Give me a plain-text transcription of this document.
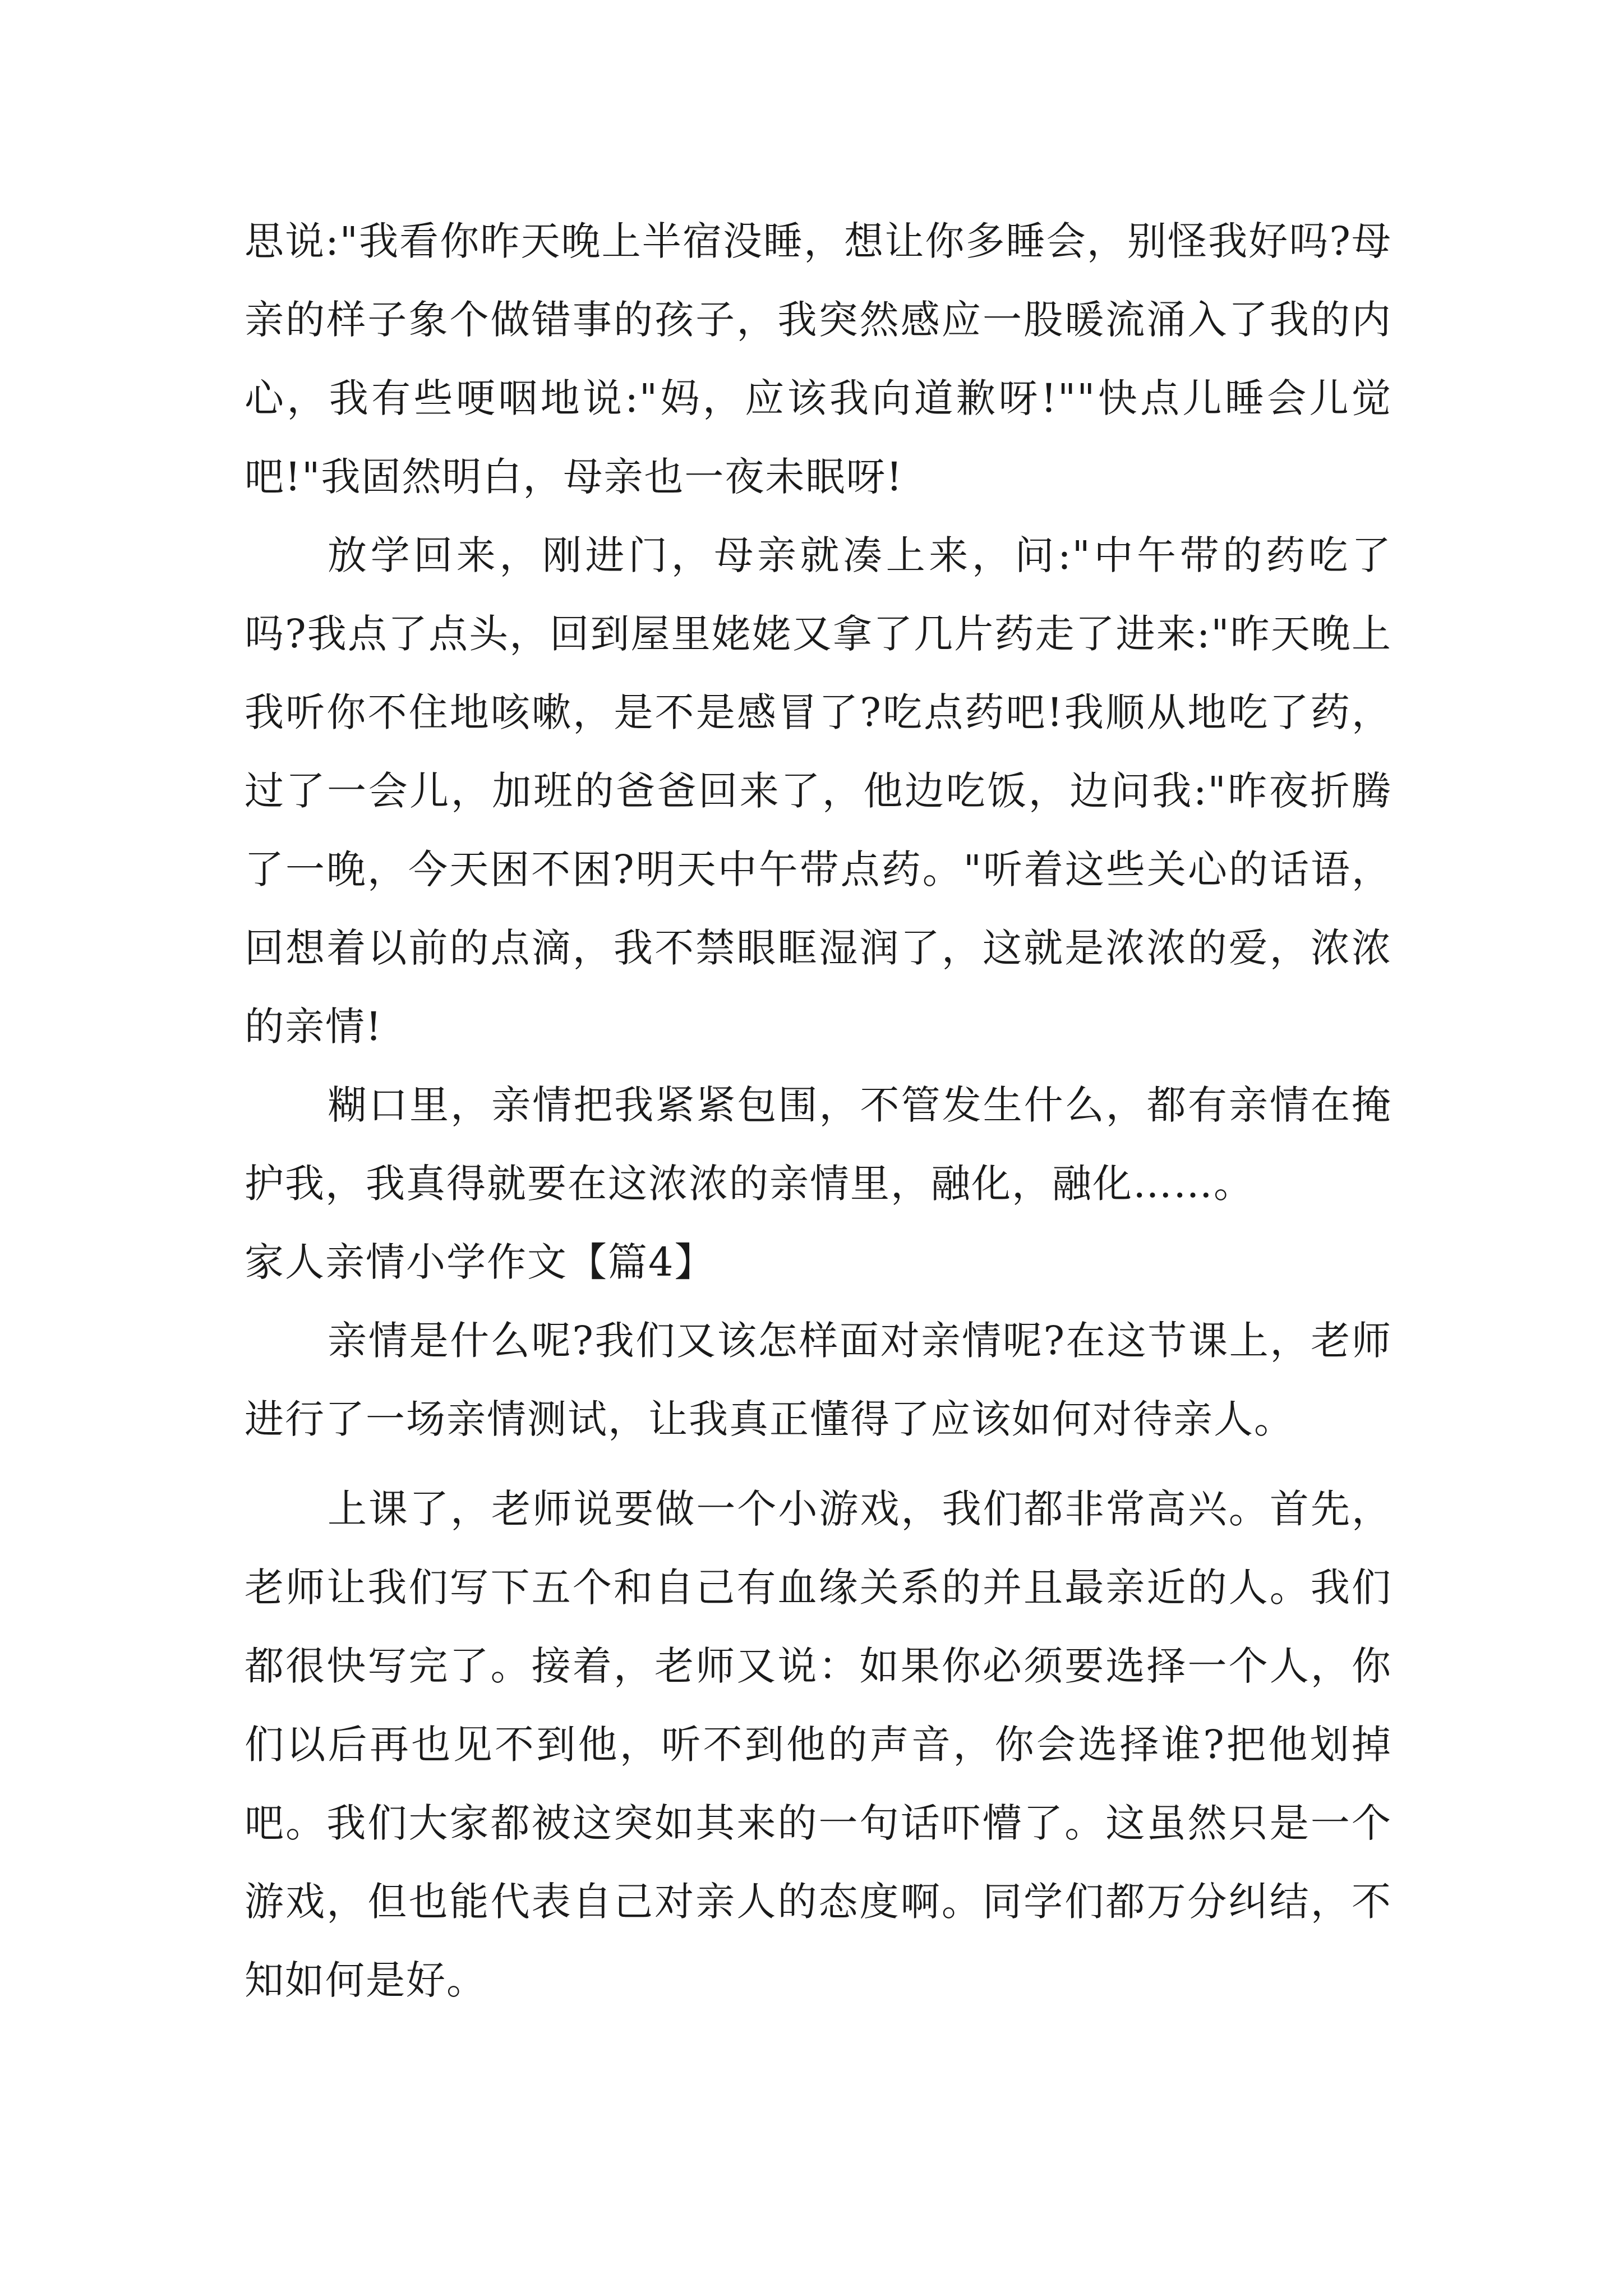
思说:"我看你昨天晚上半宿没睡，想让你多睡会，别怪我好吗?母亲的样子象个做错事的孩子，我突然感应一股暖流涌入了我的内心，我有些哽咽地说:"妈，应该我向道歉呀!""快点儿睡会儿觉吧!"我固然明白，母亲也一夜未眠呀!

放学回来，刚进门，母亲就凑上来，问:"中午带的药吃了吗?我点了点头，回到屋里姥姥又拿了几片药走了进来:"昨天晚上我听你不住地咳嗽，是不是感冒了?吃点药吧!我顺从地吃了药，过了一会儿，加班的爸爸回来了，他边吃饭，边问我:"昨夜折腾了一晚，今天困不困?明天中午带点药。"听着这些关心的话语，回想着以前的点滴，我不禁眼眶湿润了，这就是浓浓的爱，浓浓的亲情!

糊口里，亲情把我紧紧包围，不管发生什么，都有亲情在掩护我，我真得就要在这浓浓的亲情里，融化，融化……。

家人亲情小学作文【篇4】

亲情是什么呢?我们又该怎样面对亲情呢?在这节课上，老师进行了一场亲情测试，让我真正懂得了应该如何对待亲人。

上课了，老师说要做一个小游戏，我们都非常高兴。首先，老师让我们写下五个和自己有血缘关系的并且最亲近的人。我们都很快写完了。接着，老师又说：如果你必须要选择一个人，你们以后再也见不到他，听不到他的声音，你会选择谁?把他划掉吧。我们大家都被这突如其来的一句话吓懵了。这虽然只是一个游戏，但也能代表自己对亲人的态度啊。同学们都万分纠结，不知如何是好。
